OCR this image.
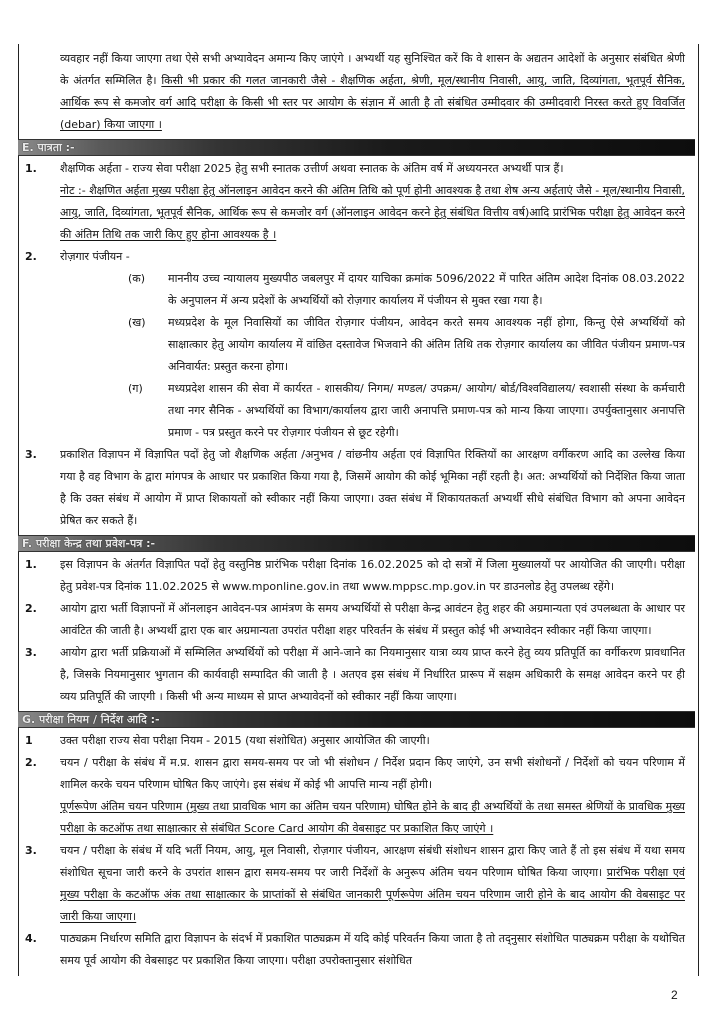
व्यवहार नहीं किया जाएगा तथा ऐसे सभी अभ्यावेदन अमान्य किए जाएंगे । अभ्यर्थी यह सुनिश्चित करें कि वे शासन के अद्यतन आदेशों के अनुसार संबंधित श्रेणी के अंतर्गत सम्मिलित है। किसी भी प्रकार की गलत जानकारी जैसे - शैक्षणिक अर्हता, श्रेणी, मूल/स्थानीय निवासी, आयु, जाति, दिव्यांगता, भूतपूर्व सैनिक, आर्थिक रूप से कमजोर वर्ग आदि परीक्षा के किसी भी स्तर पर आयोग के संज्ञान में आती है तो संबंधित उम्मीदवार की उम्मीदवारी निरस्त करते हुए विवर्जित (debar) किया जाएगा ।
E. पात्रता :-
1. शैक्षणिक अर्हता - राज्य सेवा परीक्षा 2025 हेतु सभी स्नातक उत्तीर्ण अथवा स्नातक के अंतिम वर्ष में अध्ययनरत अभ्यर्थी पात्र हैं।
नोट :- शैक्षणित अर्हता मुख्य परीक्षा हेतु ऑनलाइन आवेदन करने की अंतिम तिथि को पूर्ण होनी आवश्यक है तथा शेष अन्य अर्हताएं जैसे - मूल/स्थानीय निवासी, आयु, जाति, दिव्यांगता, भूतपूर्व सैनिक, आर्थिक रूप से कमजोर वर्ग (ऑनलाइन आवेदन करने हेतु संबंधित वित्तीय वर्ष)आदि प्रारंभिक परीक्षा हेतु आवेदन करने की अंतिम तिथि तक जारी किए हुए होना आवश्यक है ।
2. रोज़गार पंजीयन -
(क) माननीय उच्च न्यायालय मुख्यपीठ जबलपुर में दायर याचिका क्रमांक 5096/2022 में पारित अंतिम आदेश दिनांक 08.03.2022 के अनुपालन में अन्य प्रदेशों के अभ्यर्थियों को रोज़गार कार्यालय में पंजीयन से मुक्त रखा गया है।
(ख) मध्यप्रदेश के मूल निवासियों का जीवित रोज़गार पंजीयन, आवेदन करते समय आवश्यक नहीं होगा, किन्तु ऐसे अभ्यर्थियों को साक्षात्कार हेतु आयोग कार्यालय में वांछित दस्तावेज भिजवाने की अंतिम तिथि तक रोज़गार कार्यालय का जीवित पंजीयन प्रमाण-पत्र अनिवार्यत: प्रस्तुत करना होगा।
(ग) मध्यप्रदेश शासन की सेवा में कार्यरत - शासकीय/ निगम/ मण्डल/ उपक्रम/ आयोग/ बोर्ड/विश्वविद्यालय/ स्वशासी संस्था के कर्मचारी तथा नगर सैनिक - अभ्यर्थियों का विभाग/कार्यालय द्वारा जारी अनापत्ति प्रमाण-पत्र को मान्य किया जाएगा। उपर्युक्तानुसार अनापत्ति प्रमाण - पत्र प्रस्तुत करने पर रोज़गार पंजीयन से छूट रहेगी।
3. प्रकाशित विज्ञापन में विज्ञापित पदों हेतु जो शैक्षणिक अर्हता /अनुभव / वांछनीय अर्हता एवं विज्ञापित रिक्तियों का आरक्षण वर्गीकरण आदि का उल्लेख किया गया है वह विभाग के द्वारा मांगपत्र के आधार पर प्रकाशित किया गया है, जिसमें आयोग की कोई भूमिका नहीं रहती है। अत: अभ्यर्थियों को निर्देशित किया जाता है कि उक्त संबंध में आयोग में प्राप्त शिकायतों को स्वीकार नहीं किया जाएगा। उक्त संबंध में शिकायतकर्ता अभ्यर्थी सीधे संबंधित विभाग को अपना आवेदन प्रेषित कर सकते हैं।
F. परीक्षा केन्द्र तथा प्रवेश-पत्र :-
1. इस विज्ञापन के अंतर्गत विज्ञापित पदों हेतु वस्तुनिष्ठ प्रारंभिक परीक्षा दिनांक 16.02.2025 को दो सत्रों में जिला मुख्यालयों पर आयोजित की जाएगी। परीक्षा हेतु प्रवेश-पत्र दिनांक 11.02.2025 से www.mponline.gov.in तथा www.mppsc.mp.gov.in पर डाउनलोड हेतु उपलब्ध रहेंगे।
2. आयोग द्वारा भर्ती विज्ञापनों में ऑनलाइन आवेदन-पत्र आमंत्रण के समय अभ्यर्थियों से परीक्षा केन्द्र आवंटन हेतु शहर की अग्रमान्यता एवं उपलब्धता के आधार पर आवंटित की जाती है। अभ्यर्थी द्वारा एक बार अग्रमान्यता उपरांत परीक्षा शहर परिवर्तन के संबंध में प्रस्तुत कोई भी अभ्यावेदन स्वीकार नहीं किया जाएगा।
3. आयोग द्वारा भर्ती प्रक्रियाओं में सम्मिलित अभ्यर्थियों को परीक्षा में आने-जाने का नियमानुसार यात्रा व्यय प्राप्त करने हेतु व्यय प्रतिपूर्ति का वर्गीकरण प्रावधानित है, जिसके नियमानुसार भुगतान की कार्यवाही सम्पादित की जाती है । अतएव इस संबंध में निर्धारित प्रारूप में सक्षम अधिकारी के समक्ष आवेदन करने पर ही व्यय प्रतिपूर्ति की जाएगी । किसी भी अन्य माध्यम से प्राप्त अभ्यावेदनों को स्वीकार नहीं किया जाएगा।
G. परीक्षा नियम / निर्देश आदि :-
1 उक्त परीक्षा राज्य सेवा परीक्षा नियम - 2015 (यथा संशोधित) अनुसार आयोजित की जाएगी।
2. चयन / परीक्षा के संबंध में म.प्र. शासन द्वारा समय-समय पर जो भी संशोधन / निर्देश प्रदान किए जाएंगे, उन सभी संशोधनों / निर्देशों को चयन परिणाम में शामिल करके चयन परिणाम घोषित किए जाएंगे। इस संबंध में कोई भी आपत्ति मान्य नहीं होगी।
पूर्णरूपेण अंतिम चयन परिणाम (मुख्य तथा प्रावधिक भाग का अंतिम चयन परिणाम) घोषित होने के बाद ही अभ्यर्थियों के तथा समस्त श्रेणियों के प्रावधिक मुख्य परीक्षा के कटऑफ तथा साक्षात्कार से संबंधित Score Card आयोग की वेबसाइट पर प्रकाशित किए जाएंगे ।
3. चयन / परीक्षा के संबंध में यदि भर्ती नियम, आयु, मूल निवासी, रोज़गार पंजीयन, आरक्षण संबंधी संशोधन शासन द्वारा किए जाते हैं तो इस संबंध में यथा समय संशोधित सूचना जारी करने के उपरांत शासन द्वारा समय-समय पर जारी निर्देशों के अनुरूप अंतिम चयन परिणाम घोषित किया जाएगा। प्रारंभिक परीक्षा एवं मुख्य परीक्षा के कटऑफ अंक तथा साक्षात्कार के प्राप्तांकों से संबंधित जानकारी पूर्णरूपेण अंतिम चयन परिणाम जारी होने के बाद आयोग की वेबसाइट पर जारी किया जाएगा।
4. पाठ्यक्रम निर्धारण समिति द्वारा विज्ञापन के संदर्भ में प्रकाशित पाठ्यक्रम में यदि कोई परिवर्तन किया जाता है तो तद्नुसार संशोधित पाठ्यक्रम परीक्षा के यथोचित समय पूर्व आयोग की वेबसाइट पर प्रकाशित किया जाएगा। परीक्षा उपरोक्तानुसार संशोधित
2
